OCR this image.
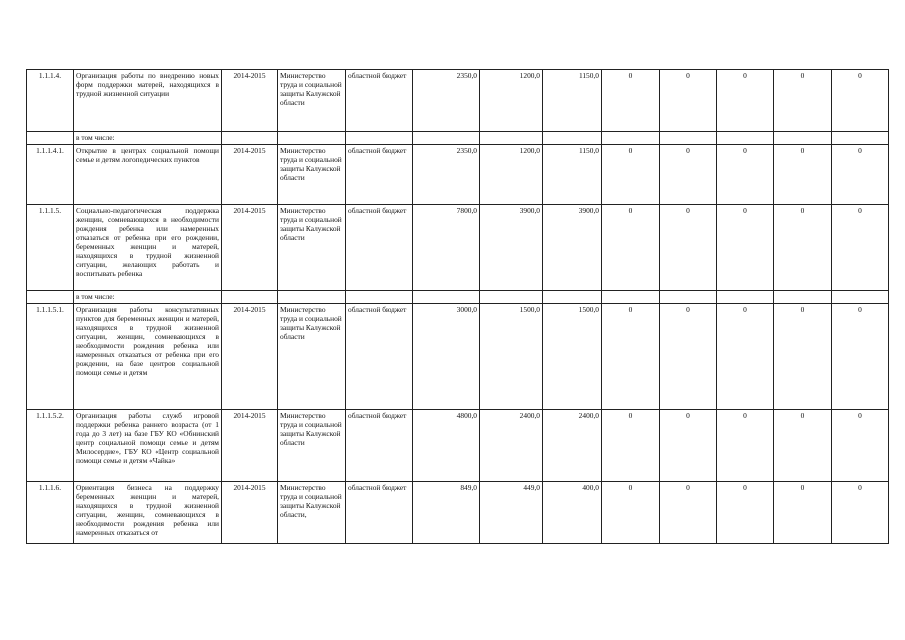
1.1.1.4.	Организация работы по внедрению новых форм поддержки матерей, находящихся в трудной жизненной ситуации	2014-2015	Министерство труда и социальной защиты Калужской области	областной бюджет	2350,0	1200,0	1150,0	0	0	0	0	0
	в том числе:											
1.1.1.4.1.	Открытие в центрах социальной помощи семье и детям логопедических пунктов	2014-2015	Министерство труда и социальной защиты Калужской области	областной бюджет	2350,0	1200,0	1150,0	0	0	0	0	0
1.1.1.5.	Социально-педагогическая поддержка женщин, сомневающихся в необходимости рождения ребенка или намеренных отказаться от ребенка при его рождении, беременных женщин и матерей, находящихся в трудной жизненной ситуации, желающих работать и воспитывать ребенка	2014-2015	Министерство труда и социальной защиты Калужской области	областной бюджет	7800,0	3900,0	3900,0	0	0	0	0	0
	в том числе:											
1.1.1.5.1.	Организация работы консультативных пунктов для беременных женщин и матерей, находящихся в трудной жизненной ситуации, женщин, сомневающихся в необходимости рождения ребенка или намеренных отказаться от ребенка при его рождении, на базе центров социальной помощи семье и детям	2014-2015	Министерство труда и социальной защиты Калужской области	областной бюджет	3000,0	1500,0	1500,0	0	0	0	0	0
1.1.1.5.2.	Организация работы служб игровой поддержки ребенка раннего возраста (от 1 года до 3 лет) на базе ГБУ КО «Обнинский центр социальной помощи семье и детям Милосердие», ГБУ КО «Центр социальной помощи семье и детям «Чайка»	2014-2015	Министерство труда и социальной защиты Калужской области	областной бюджет	4800,0	2400,0	2400,0	0	0	0	0	0
1.1.1.6.	Ориентация бизнеса на поддержку беременных женщин и матерей, находящихся в трудной жизненной ситуации, женщин, сомневающихся в необходимости рождения ребенка или намеренных отказаться от	2014-2015	Министерство труда и социальной защиты Калужской области,	областной бюджет	849,0	449,0	400,0	0	0	0	0	0
